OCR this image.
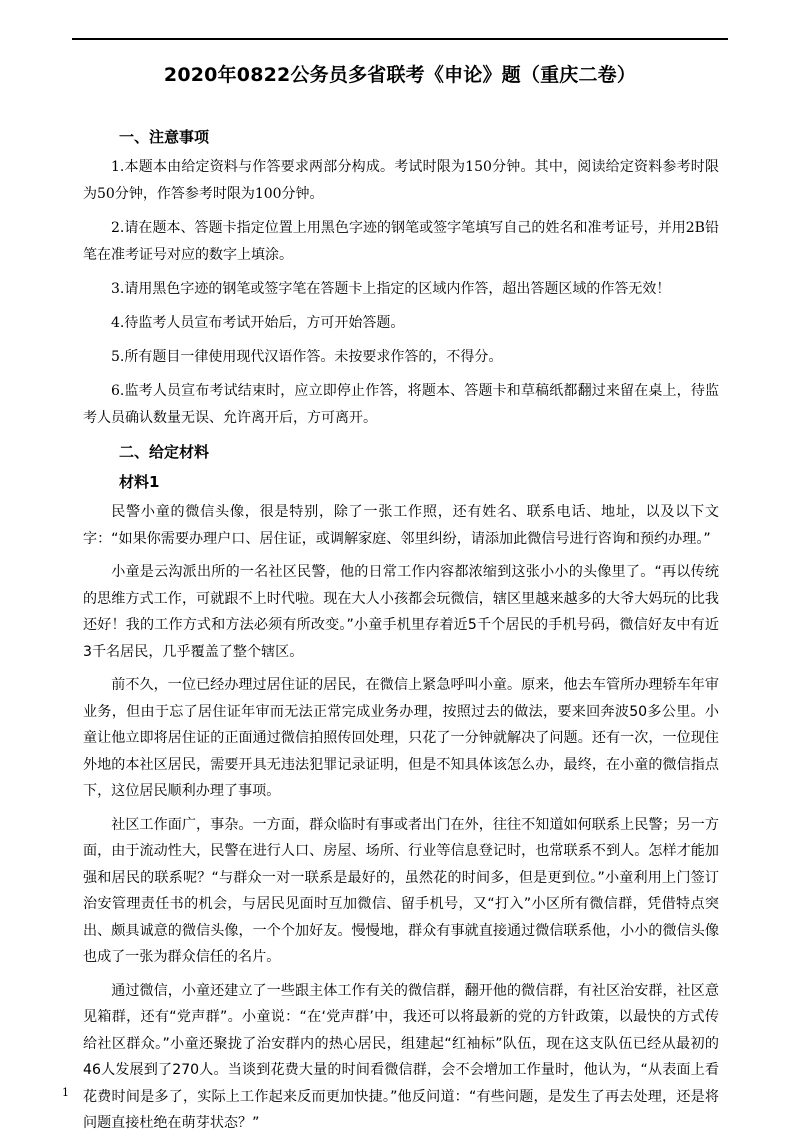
2020年0822公务员多省联考《申论》题（重庆二卷）
一、注意事项

1.本题本由给定资料与作答要求两部分构成。考试时限为150分钟。其中，阅读给定资料参考时限为50分钟，作答参考时限为100分钟。

2.请在题本、答题卡指定位置上用黑色字迹的钢笔或签字笔填写自己的姓名和准考证号，并用2B铅笔在准考证号对应的数字上填涂。

3.请用黑色字迹的钢笔或签字笔在答题卡上指定的区域内作答，超出答题区域的作答无效！

4.待监考人员宣布考试开始后，方可开始答题。

5.所有题目一律使用现代汉语作答。未按要求作答的，不得分。

6.监考人员宣布考试结束时，应立即停止作答，将题本、答题卡和草稿纸都翻过来留在桌上，待监考人员确认数量无误、允许离开后，方可离开。

二、给定材料
材料1

民警小童的微信头像，很是特别，除了一张工作照，还有姓名、联系电话、地址，以及以下文字：“如果你需要办理户口、居住证，或调解家庭、邻里纠纷，请添加此微信号进行咨询和预约办理。”

小童是云沟派出所的一名社区民警，他的日常工作内容都浓缩到这张小小的头像里了。“再以传统的思维方式工作，可就跟不上时代啦。现在大人小孩都会玩微信，辖区里越来越多的大爷大妈玩的比我还好！我的工作方式和方法必须有所改变。”小童手机里存着近5千个居民的手机号码，微信好友中有近3千名居民，几乎覆盖了整个辖区。

前不久，一位已经办理过居住证的居民，在微信上紧急呼叫小童。原来，他去车管所办理轿车年审业务，但由于忘了居住证年审而无法正常完成业务办理，按照过去的做法，要来回奔波50多公里。小童让他立即将居住证的正面通过微信拍照传回处理，只花了一分钟就解决了问题。还有一次，一位现住外地的本社区居民，需要开具无违法犯罪记录证明，但是不知具体该怎么办，最终，在小童的微信指点下，这位居民顺利办理了事项。

社区工作面广，事杂。一方面，群众临时有事或者出门在外，往往不知道如何联系上民警；另一方面，由于流动性大，民警在进行人口、房屋、场所、行业等信息登记时，也常联系不到人。怎样才能加强和居民的联系呢？“与群众一对一联系是最好的，虽然花的时间多，但是更到位。”小童利用上门签订治安管理责任书的机会，与居民见面时互加微信、留手机号，又“打入”小区所有微信群，凭借特点突出、颇具诚意的微信头像，一个个加好友。慢慢地，群众有事就直接通过微信联系他，小小的微信头像也成了一张为群众信任的名片。

通过微信，小童还建立了一些跟主体工作有关的微信群，翻开他的微信群，有社区治安群，社区意见箱群，还有“党声群”。小童说：“在‘党声群’中，我还可以将最新的党的方针政策，以最快的方式传给社区群众。”小童还聚拢了治安群内的热心居民，组建起“红袖标”队伍，现在这支队伍已经从最初的46人发展到了270人。当谈到花费大量的时间看微信群，会不会增加工作量时，他认为，“从表面上看花费时间是多了，实际上工作起来反而更加快捷。”他反问道：“有些问题，是发生了再去处理，还是将问题直接杜绝在萌芽状态？”

1
